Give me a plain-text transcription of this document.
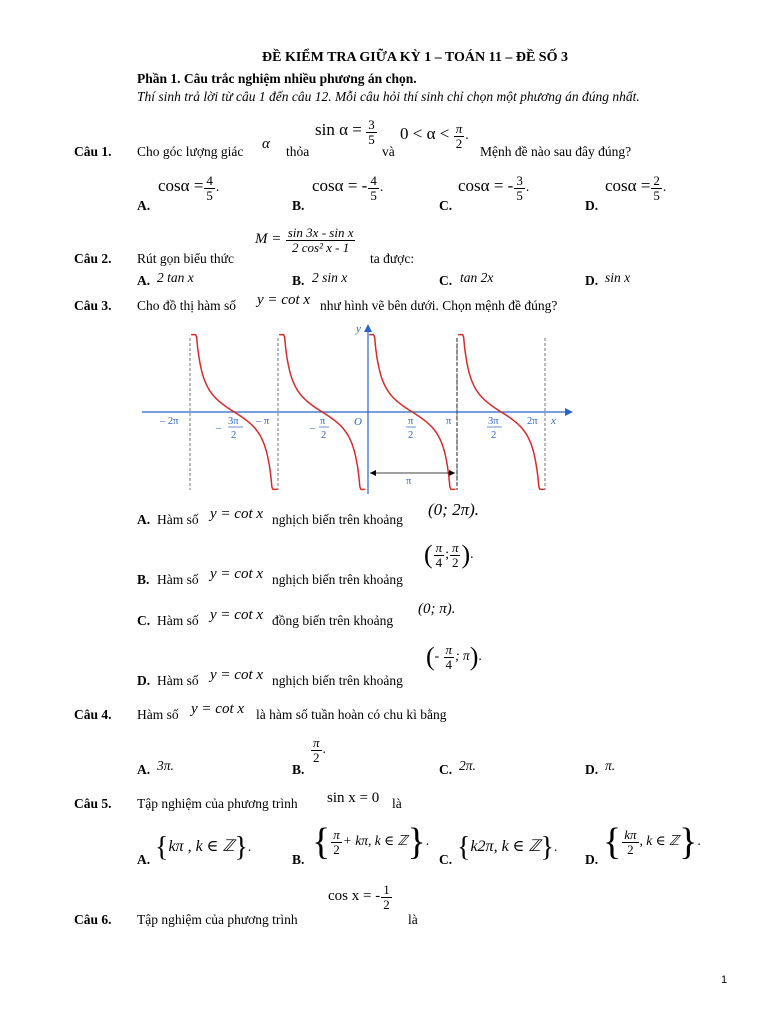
ĐỀ KIỂM TRA GIỮA KỲ 1 – TOÁN 11 – ĐỀ SỐ 3
Phần 1. Câu trắc nghiệm nhiều phương án chọn.
Thí sinh trả lời từ câu 1 đến câu 12. Mỗi câu hỏi thí sinh chỉ chọn một phương án đúng nhất.
Câu 1. Cho góc lượng giác α thỏa
$\sin \alpha = \frac{3}{5}$
và
$0 < \alpha < \frac{\pi}{2}$ .
Mệnh đề nào sau đây đúng?
A.
$\cos\alpha = \frac{4}{5}$ .
B.
cosα = - $\frac{4}{5}$ .
C.
cosα = - $\frac{3}{5}$ .
D.
$\cos\alpha = \frac{2}{5}$ .
Câu 2. Rút gọn biểu thức
$M = \frac{\text{sin 3x - sin x}}{\text{2 cos² x - 1}}$
ta được:
A. 2 tan x	B. 2 sin x	C. tan 2x	D. sin x
Câu 3. Cho đồ thị hàm số y = cot x như hình vẽ bên dưới. Chọn mệnh đề đúng?
y
x
O
– 2π
–
3π
2
– π
–
π
2
π
2
π	3π
2
2π
π
A. Hàm số y = cot x nghịch biến trên khoảng
(0; 2π).
B. Hàm số y = cot x nghịch biến trên khoảng
( $\frac{\pi}{4}$ ; $\frac{\pi}{2}$ ).
C. Hàm số y = cot x đồng biến trên khoảng
(0; π).
D. Hàm số y = cot x nghịch biến trên khoảng
(- $\frac{\pi}{4}$ ; π).
Câu 4. Hàm số y = cot x là hàm số tuần hoàn có chu kì bằng
A. 3π.	B.
$\frac{\pi}{2}$ .
C. 2π.	D. π.
Câu 5. Tập nghiệm của phương trình sin x = 0 là
A. {kπ , k ∈ ℤ}.
B. { $\frac{\pi}{2} + k\pi$, k ∈ ℤ}.
C. {k2π, k ∈ ℤ}.
D. { $\frac{k\pi}{2}$ , k ∈ ℤ}.
Câu 6. Tập nghiệm của phương trình
cos x = - $\frac{1}{2}$
là
1
